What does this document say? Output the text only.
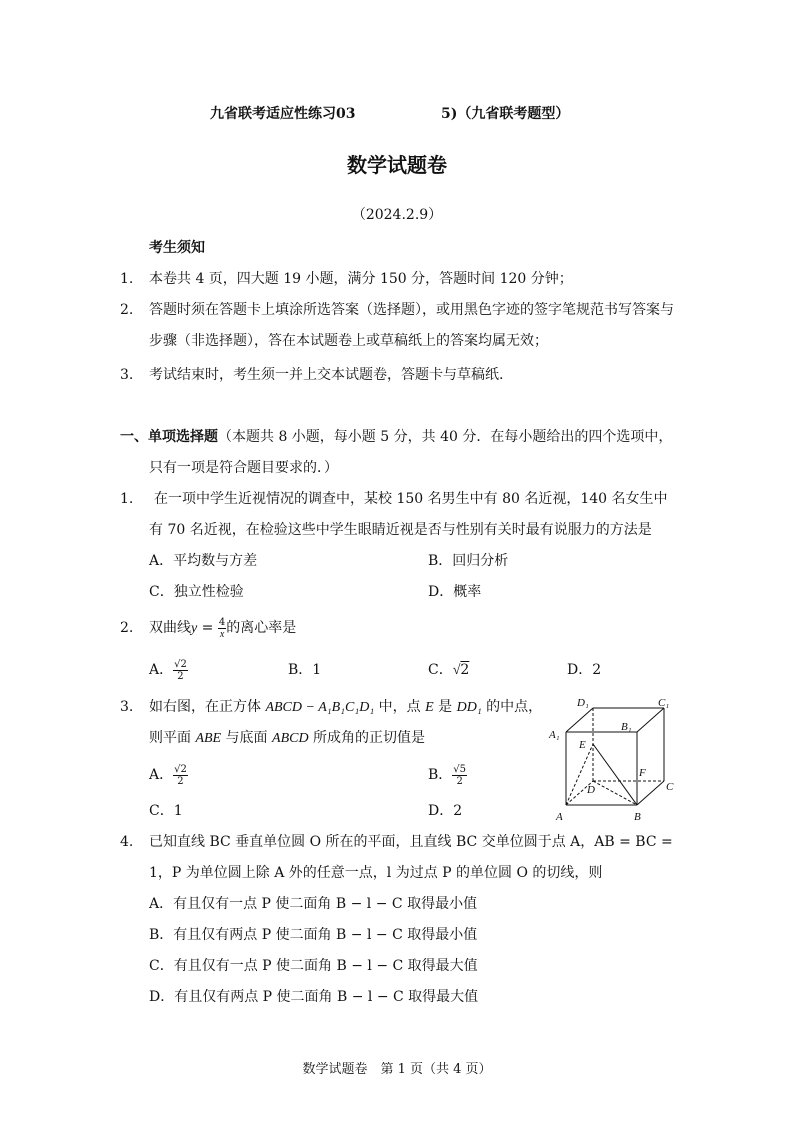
九省联考适应性练习03	5)（九省联考题型）
数学试题卷
（2024.2.9）
考生须知
1. 本卷共 4 页，四大题 19 小题，满分 150 分，答题时间 120 分钟；
2. 答题时须在答题卡上填涂所选答案（选择题），或用黑色字迹的签字笔规范书写答案与
步骤（非选择题），答在本试题卷上或草稿纸上的答案均属无效；
3. 考试结束时，考生须一并上交本试题卷，答题卡与草稿纸.
一、单项选择题（本题共 8 小题，每小题 5 分，共 40 分．在每小题给出的四个选项中，
只有一项是符合题目要求的．）
1. 在一项中学生近视情况的调查中，某校 150 名男生中有 80 名近视，140 名女生中
有 70 名近视，在检验这些中学生眼睛近视是否与性别有关时最有说服力的方法是
A．平均数与方差	B．回归分析
C．独立性检验	D．概率
2. 双曲线$y = \frac{4}{x}$ 的离心率是
A． $\frac{√2}{2}$	B．1	C．√2	D．2
3. 如右图，在正方体 ABCD − A₁B₁C₁D₁ 中，点 E 是 DD₁ 的中点，
则平面 ABE 与底面 ABCD 所成角的正切值是
A． $\frac{√2}{2}$	B． $\frac{√5}{2}$
C．1	D．2
D₁	C₁
A₁
B₁
E
F
D	C
A	B
4. 已知直线 BC 垂直单位圆 O 所在的平面，且直线 BC 交单位圆于点 A，AB = BC =
1，P 为单位圆上除 A 外的任意一点，l 为过点 P 的单位圆 O 的切线，则
A．有且仅有一点 P 使二面角 B − l − C 取得最小值
B．有且仅有两点 P 使二面角 B − l − C 取得最小值
C．有且仅有一点 P 使二面角 B − l − C 取得最大值
D．有且仅有两点 P 使二面角 B − l − C 取得最大值
数学试题卷　第 1 页（共 4 页）
